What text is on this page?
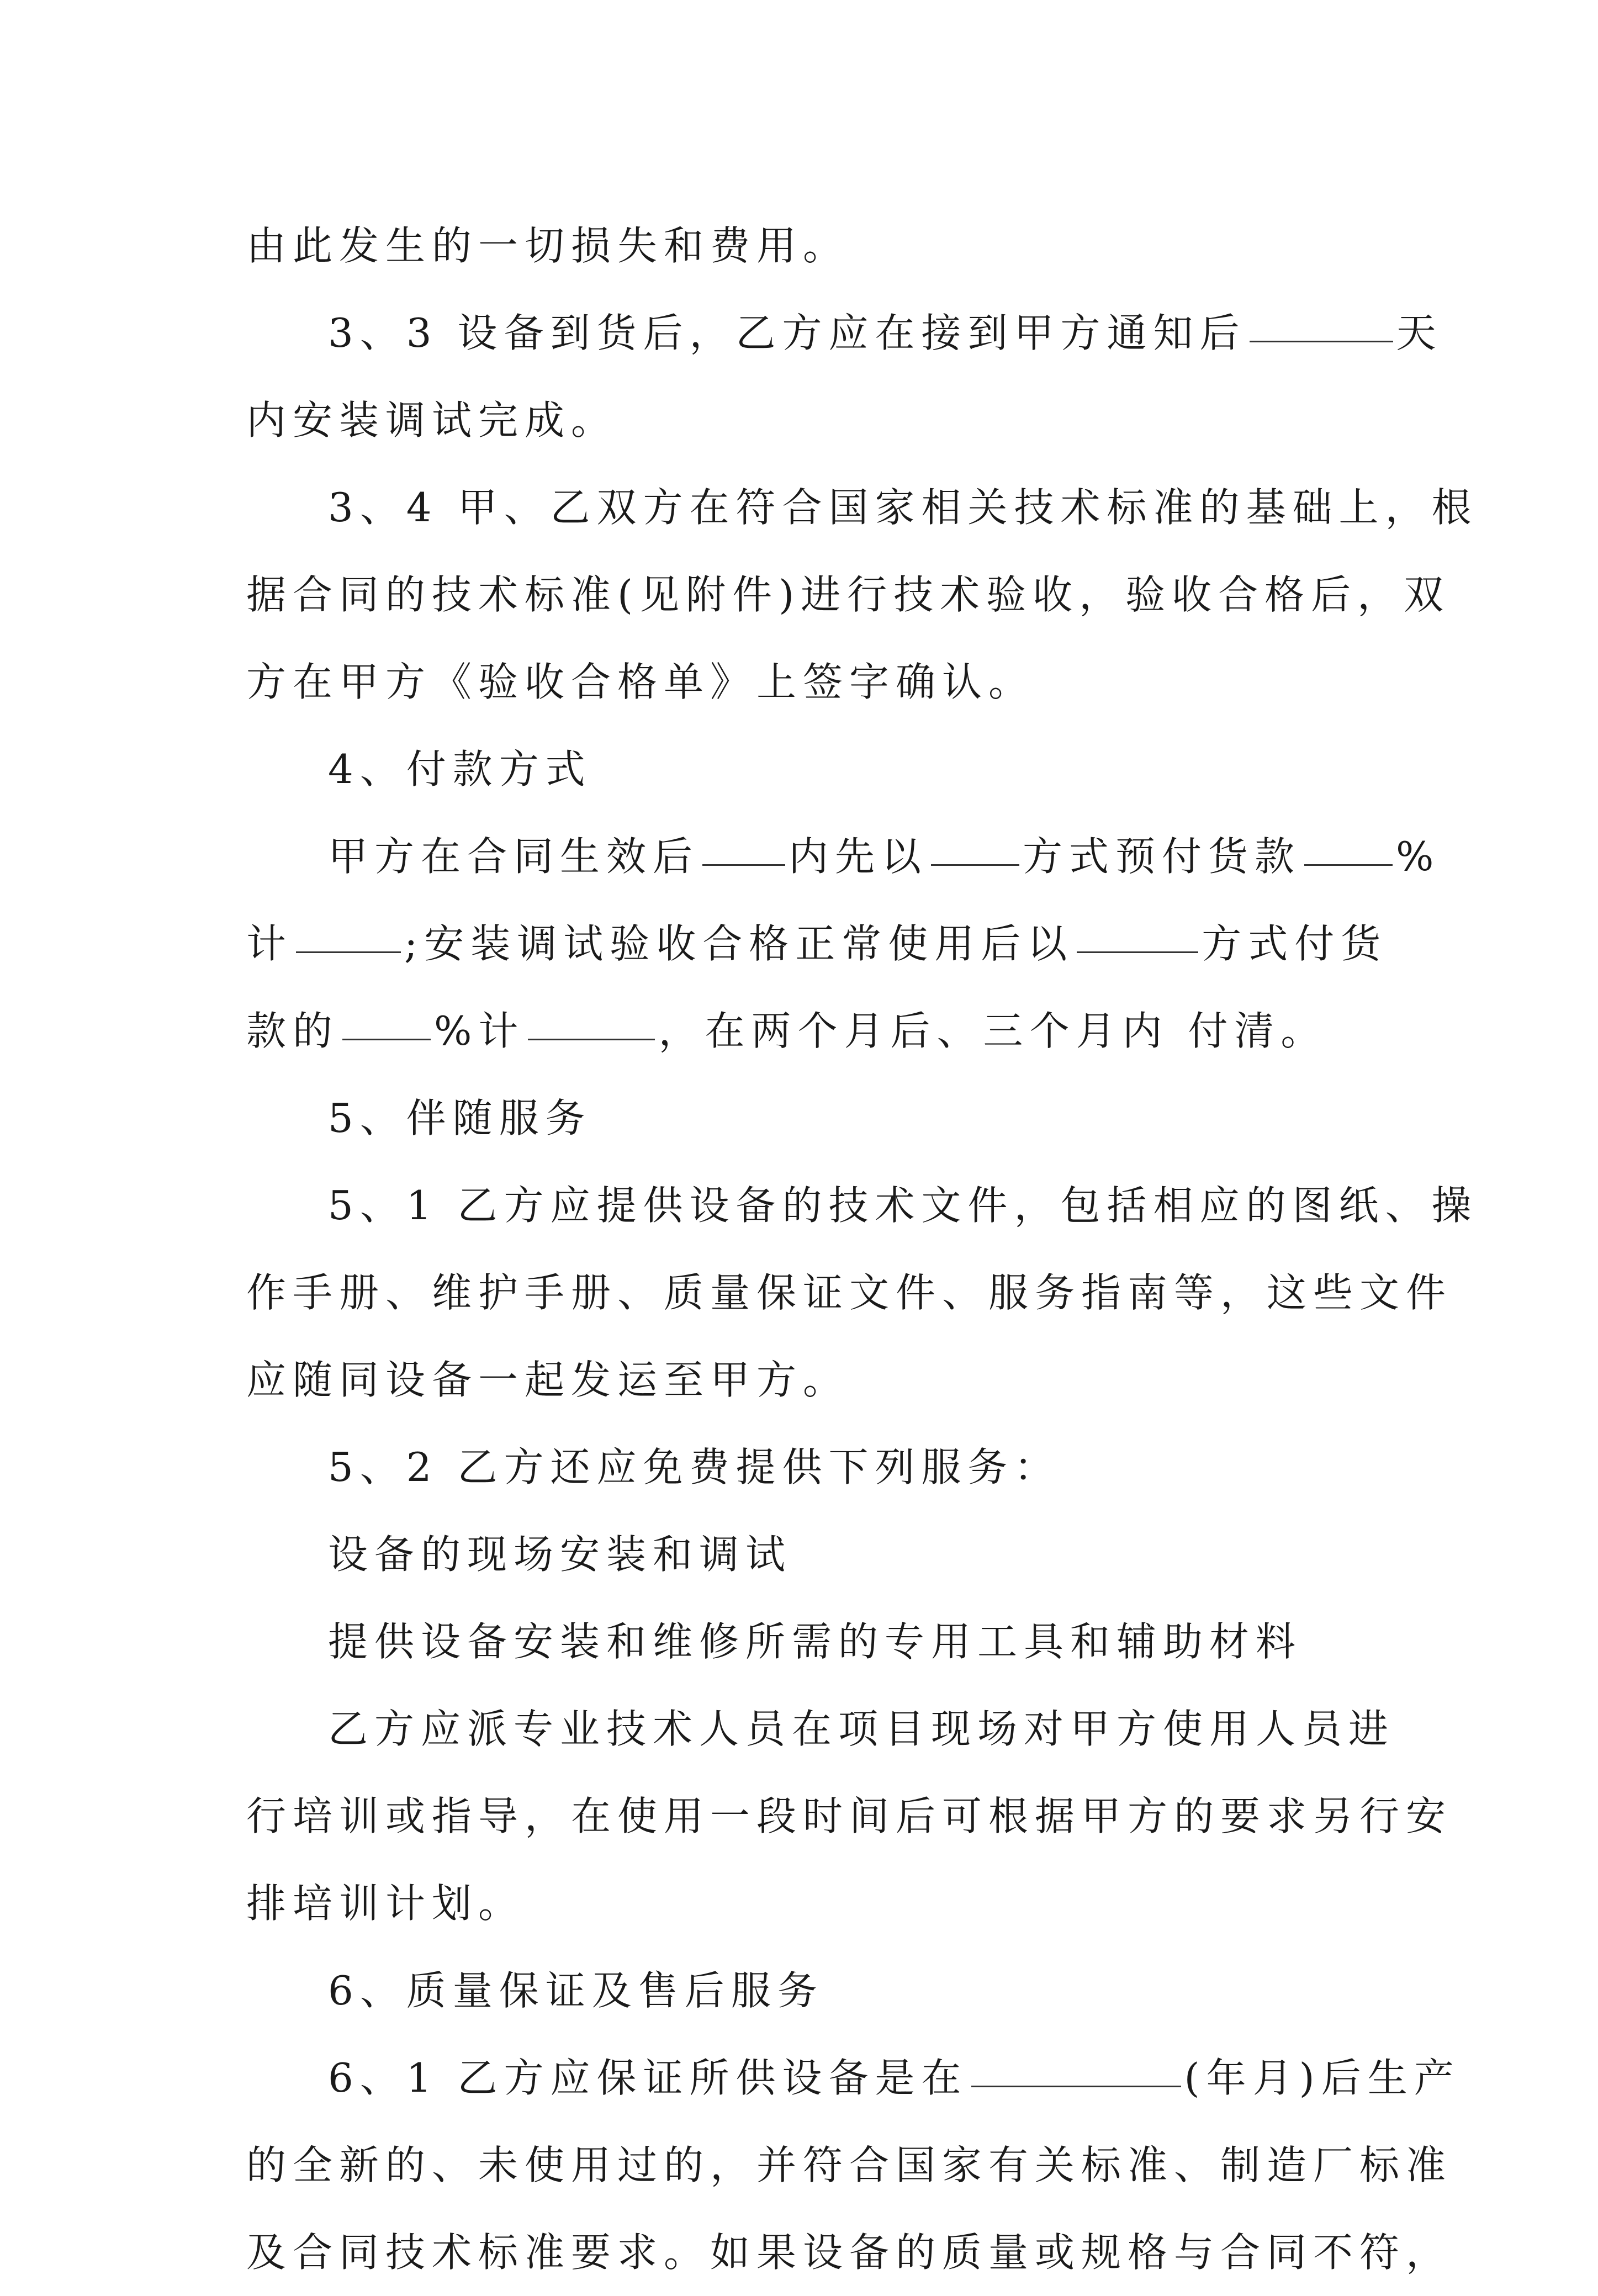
由此发生的一切损失和费用。

3、3 设备到货后，乙方应在接到甲方通知后	天

内安装调试完成。

3、4 甲、乙双方在符合国家相关技术标准的基础上，根

据合同的技术标准(见附件)进行技术验收，验收合格后，双

方在甲方《验收合格单》上签字确认。

4、付款方式

甲方在合同生效后 内先以 方式预付货款 %

计	;安装调试验收合格正常使用后以	方式付货

款的 %计	，在两个月后、三个月内 付清。

5、伴随服务

5、1 乙方应提供设备的技术文件，包括相应的图纸、操

作手册、维护手册、质量保证文件、服务指南等，这些文件

应随同设备一起发运至甲方。

5、2 乙方还应免费提供下列服务：

设备的现场安装和调试

提供设备安装和维修所需的专用工具和辅助材料

乙方应派专业技术人员在项目现场对甲方使用人员进

行培训或指导，在使用一段时间后可根据甲方的要求另行安

排培训计划。

6、质量保证及售后服务

6、1 乙方应保证所供设备是在	(年月)后生产

的全新的、未使用过的，并符合国家有关标准、制造厂标准

及合同技术标准要求。如果设备的质量或规格与合同不符，
